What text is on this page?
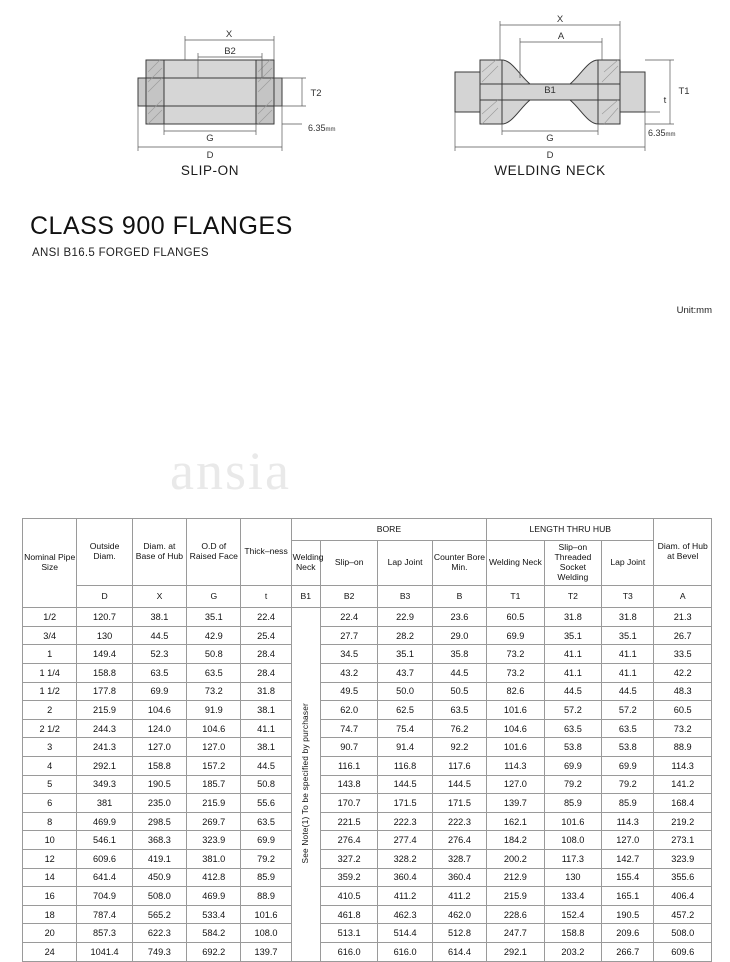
X
B2
G
D
T2
6.35mm
SLIP-ON
X
A
B1
G
D
T1
t
6.35mm
WELDING NECK
CLASS 900 FLANGES
ANSI B16.5 FORGED FLANGES
Unit:mm
ansia
Nominal Pipe Size	Outside Diam.	Diam. at Base of Hub	O.D of Raised Face	Thick–ness	BORE				LENGTH THRU HUB			Diam. of Hub at Bevel
					Welding Neck	Slip–on	Lap Joint	Counter Bore Min.	Welding Neck	Slip–on Threaded Socket Welding	Lap Joint	
	D	X	G	t	B1	B2	B3	B	T1	T2	T3	A
1/2	120.7	38.1	35.1	22.4	See Note(1) To be specified by purchaser	22.4	22.9	23.6	60.5	31.8	31.8	21.3
3/4	130	44.5	42.9	25.4		27.7	28.2	29.0	69.9	35.1	35.1	26.7
1	149.4	52.3	50.8	28.4		34.5	35.1	35.8	73.2	41.1	41.1	33.5
1 1/4	158.8	63.5	63.5	28.4		43.2	43.7	44.5	73.2	41.1	41.1	42.2
1 1/2	177.8	69.9	73.2	31.8		49.5	50.0	50.5	82.6	44.5	44.5	48.3
2	215.9	104.6	91.9	38.1		62.0	62.5	63.5	101.6	57.2	57.2	60.5
2 1/2	244.3	124.0	104.6	41.1		74.7	75.4	76.2	104.6	63.5	63.5	73.2
3	241.3	127.0	127.0	38.1		90.7	91.4	92.2	101.6	53.8	53.8	88.9
4	292.1	158.8	157.2	44.5		116.1	116.8	117.6	114.3	69.9	69.9	114.3
5	349.3	190.5	185.7	50.8		143.8	144.5	144.5	127.0	79.2	79.2	141.2
6	381	235.0	215.9	55.6		170.7	171.5	171.5	139.7	85.9	85.9	168.4
8	469.9	298.5	269.7	63.5		221.5	222.3	222.3	162.1	101.6	114.3	219.2
10	546.1	368.3	323.9	69.9		276.4	277.4	276.4	184.2	108.0	127.0	273.1
12	609.6	419.1	381.0	79.2		327.2	328.2	328.7	200.2	117.3	142.7	323.9
14	641.4	450.9	412.8	85.9		359.2	360.4	360.4	212.9	130	155.4	355.6
16	704.9	508.0	469.9	88.9		410.5	411.2	411.2	215.9	133.4	165.1	406.4
18	787.4	565.2	533.4	101.6		461.8	462.3	462.0	228.6	152.4	190.5	457.2
20	857.3	622.3	584.2	108.0		513.1	514.4	512.8	247.7	158.8	209.6	508.0
24	1041.4	749.3	692.2	139.7		616.0	616.0	614.4	292.1	203.2	266.7	609.6
